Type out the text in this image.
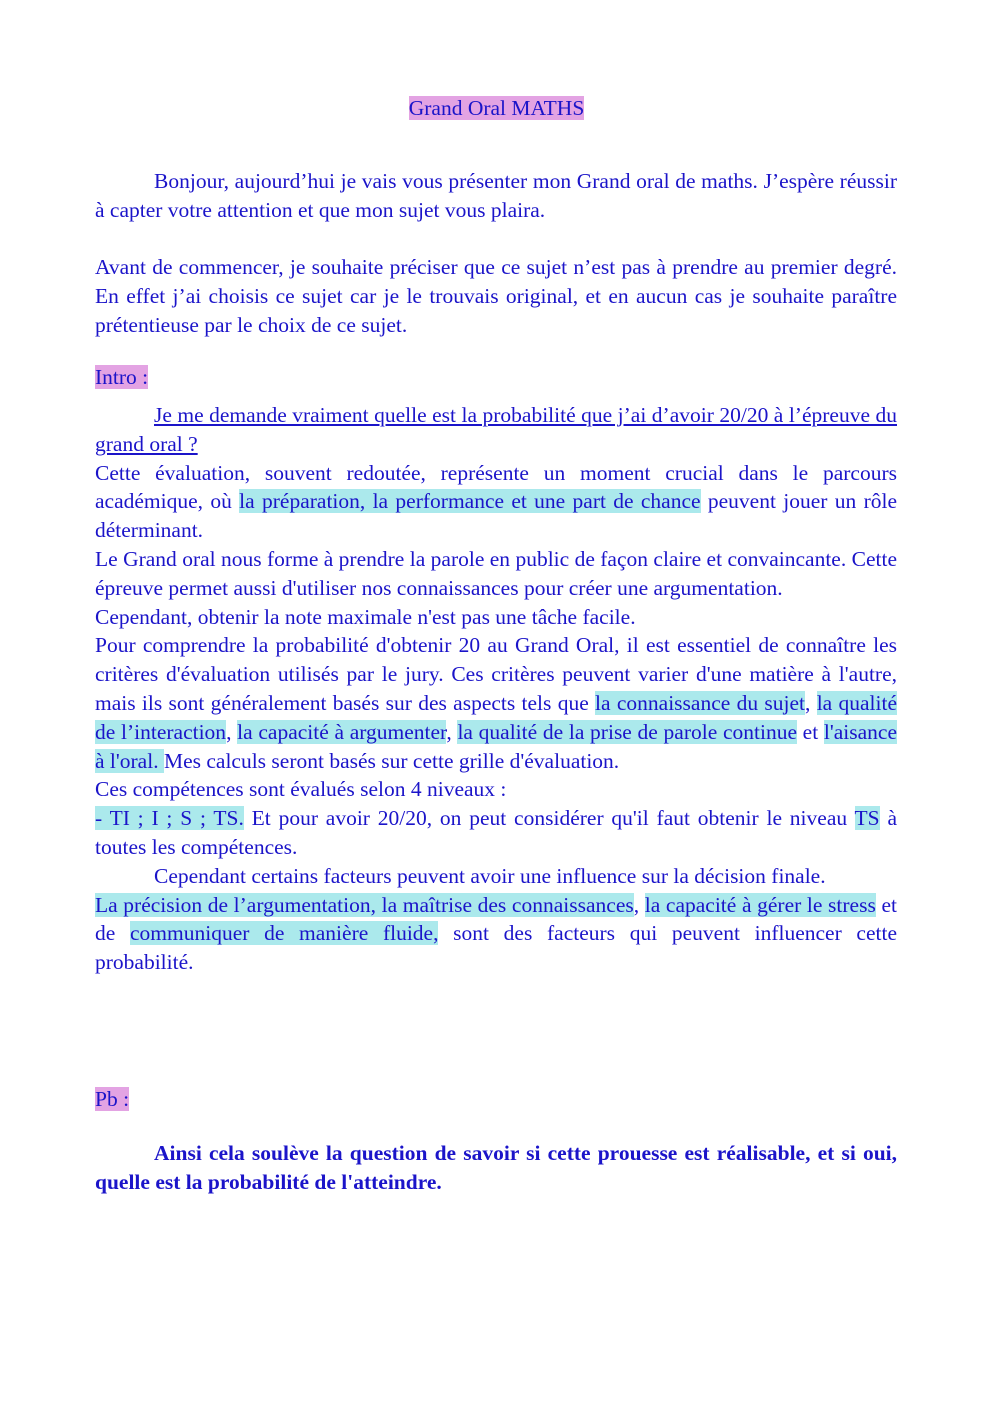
Grand Oral MATHS

Bonjour, aujourd’hui je vais vous présenter mon Grand oral de maths. J’espère réussir à capter votre attention et que mon sujet vous plaira.

Avant de commencer, je souhaite préciser que ce sujet n’est pas à prendre au premier degré. En effet j’ai choisis ce sujet car je le trouvais original, et en aucun cas je souhaite paraître prétentieuse par le choix de ce sujet.

Intro :

Je me demande vraiment quelle est la probabilité que j’ai d’avoir 20/20 à l’épreuve du grand oral ?

Cette évaluation, souvent redoutée, représente un moment crucial dans le parcours académique, où la préparation, la performance et une part de chance peuvent jouer un rôle déterminant.

Le Grand oral nous forme à prendre la parole en public de façon claire et convaincante. Cette épreuve permet aussi d'utiliser nos connaissances pour créer une argumentation.

Cependant, obtenir la note maximale n'est pas une tâche facile.

Pour comprendre la probabilité d'obtenir 20 au Grand Oral, il est essentiel de connaître les critères d'évaluation utilisés par le jury. Ces critères peuvent varier d'une matière à l'autre, mais ils sont généralement basés sur des aspects tels que la connaissance du sujet, la qualité de l’interaction, la capacité à argumenter, la qualité de la prise de parole continue et l'aisance à l'oral. Mes calculs seront basés sur cette grille d'évaluation.

Ces compétences sont évalués selon 4 niveaux :

- TI ; I ; S ; TS. Et pour avoir 20/20, on peut considérer qu'il faut obtenir le niveau TS à toutes les compétences.

Cependant certains facteurs peuvent avoir une influence sur la décision finale.

La précision de l’argumentation, la maîtrise des connaissances, la capacité à gérer le stress et de communiquer de manière fluide, sont des facteurs qui peuvent influencer cette probabilité.

Pb :

Ainsi cela soulève la question de savoir si cette prouesse est réalisable, et si oui, quelle est la probabilité de l'atteindre.
